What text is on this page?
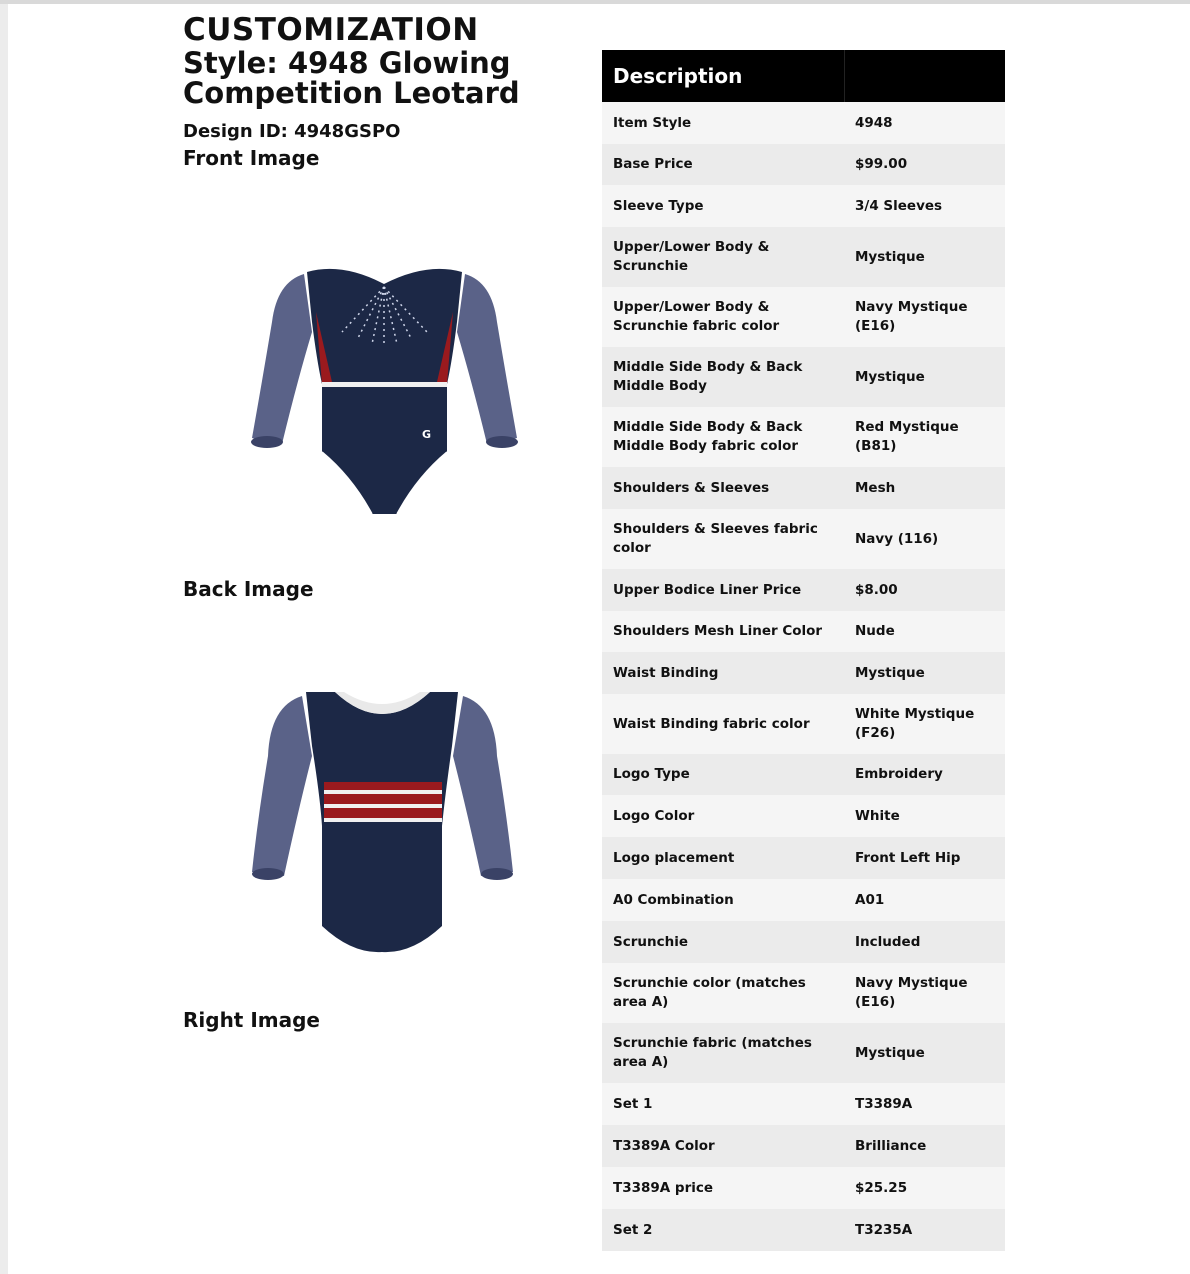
CUSTOMIZATION
Style: 4948 Glowing Competition Leotard
Design ID: 4948GSPO
Front Image
Back Image
Right Image
G
Description	
Item Style	4948
Base Price	$99.00
Sleeve Type	3/4 Sleeves
Upper/Lower Body & Scrunchie	Mystique
Upper/Lower Body & Scrunchie fabric color	Navy Mystique (E16)
Middle Side Body & Back Middle Body	Mystique
Middle Side Body & Back Middle Body fabric color	Red Mystique (B81)
Shoulders & Sleeves	Mesh
Shoulders & Sleeves fabric color	Navy (116)
Upper Bodice Liner Price	$8.00
Shoulders Mesh Liner Color	Nude
Waist Binding	Mystique
Waist Binding fabric color	White Mystique (F26)
Logo Type	Embroidery
Logo Color	White
Logo placement	Front Left Hip
A0 Combination	A01
Scrunchie	Included
Scrunchie color (matches area A)	Navy Mystique (E16)
Scrunchie fabric (matches area A)	Mystique
Set 1	T3389A
T3389A Color	Brilliance
T3389A price	$25.25
Set 2	T3235A
